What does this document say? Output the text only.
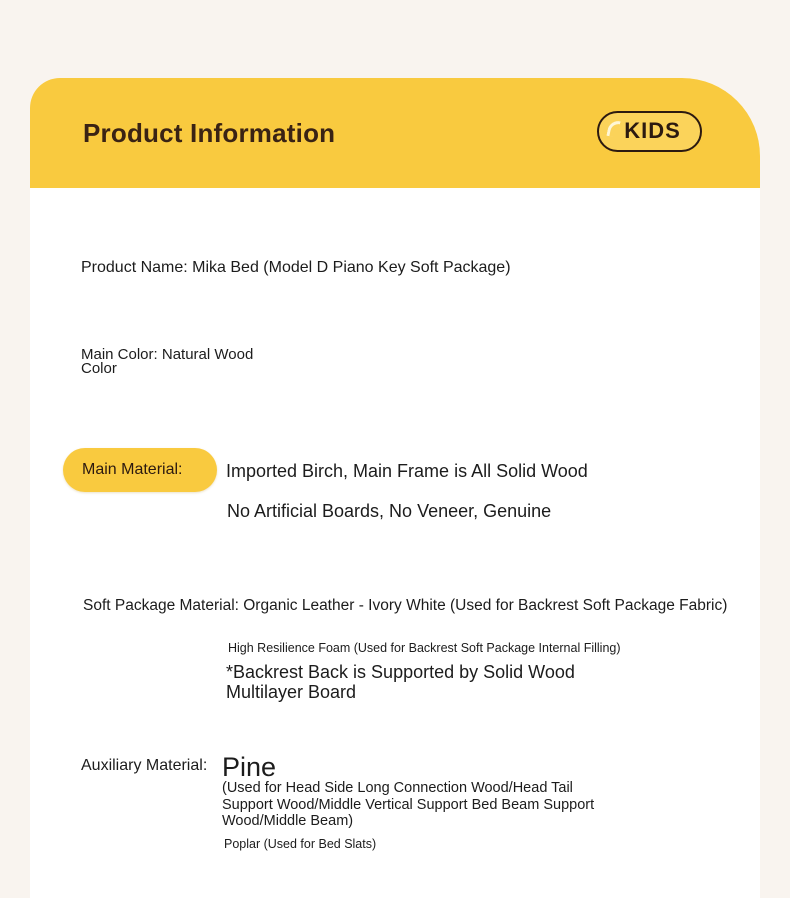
Product Information	KIDS
Product Name: Mika Bed (Model D Piano Key Soft Package)
Main Color: Natural Wood Color
Main Material: Imported Birch, Main Frame is All Solid Wood
No Artificial Boards, No Veneer, Genuine
Soft Package Material: Organic Leather - Ivory White (Used for Backrest Soft Package Fabric)
High Resilience Foam (Used for Backrest Soft Package Internal Filling)
*Backrest Back is Supported by Solid Wood Multilayer Board
Auxiliary Material: Pine
(Used for Head Side Long Connection Wood/Head Tail Support Wood/Middle Vertical Support Bed Beam Support Wood/Middle Beam)
Poplar (Used for Bed Slats)
